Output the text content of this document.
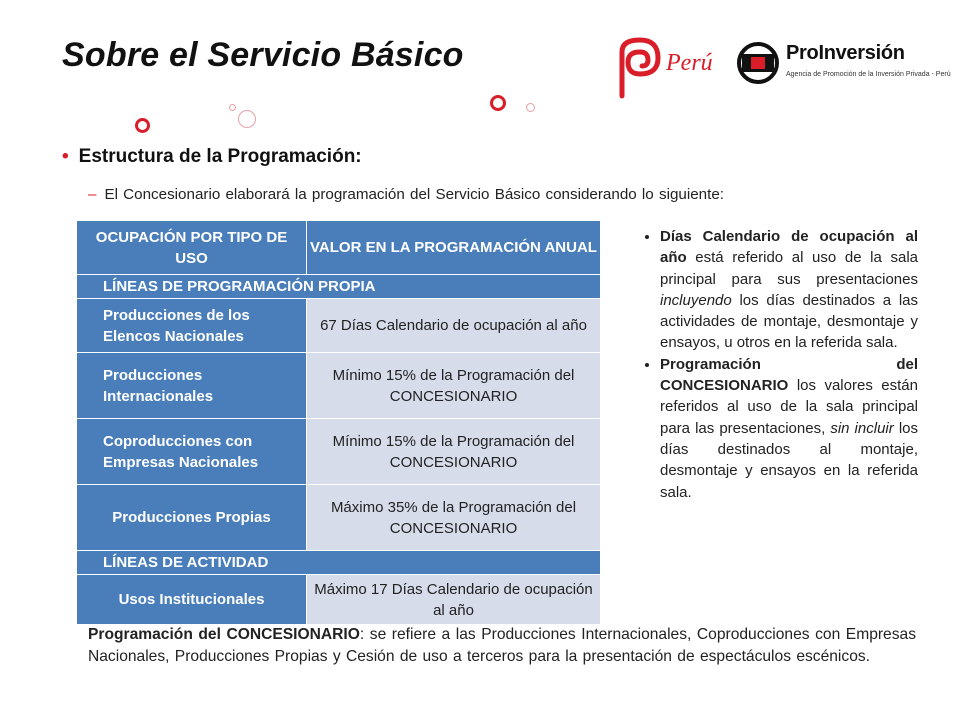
Sobre el Servicio Básico	Perú	ProInversión
Agencia de Promoción de la Inversión Privada - Perú
• Estructura de la Programación:
– El Concesionario elaborará la programación del Servicio Básico considerando lo siguiente:
OCUPACIÓN POR TIPO DE USO	VALOR EN LA PROGRAMACIÓN ANUAL
LÍNEAS DE PROGRAMACIÓN PROPIA	
Producciones de los Elencos Nacionales	67 Días Calendario de ocupación al año
Producciones Internacionales	Mínimo 15% de la Programación del CONCESIONARIO
Coproducciones con Empresas Nacionales	Mínimo 15% de la Programación del CONCESIONARIO
Producciones Propias	Máximo 35% de la Programación del CONCESIONARIO
LÍNEAS DE ACTIVIDAD	
Usos Institucionales	Máximo 17 Días Calendario de ocupación al año
• Días Calendario de ocupación al año está referido al uso de la sala principal para sus presentaciones incluyendo los días destinados a las actividades de montaje, desmontaje y ensayos, u otros en la referida sala.
• Programación del CONCESIONARIO los valores están referidos al uso de la sala principal para las presentaciones, sin incluir los días destinados al montaje, desmontaje y ensayos en la referida sala.
Programación del CONCESIONARIO: se refiere a las Producciones Internacionales, Coproducciones con Empresas Nacionales, Producciones Propias y Cesión de uso a terceros para la presentación de espectáculos escénicos.
